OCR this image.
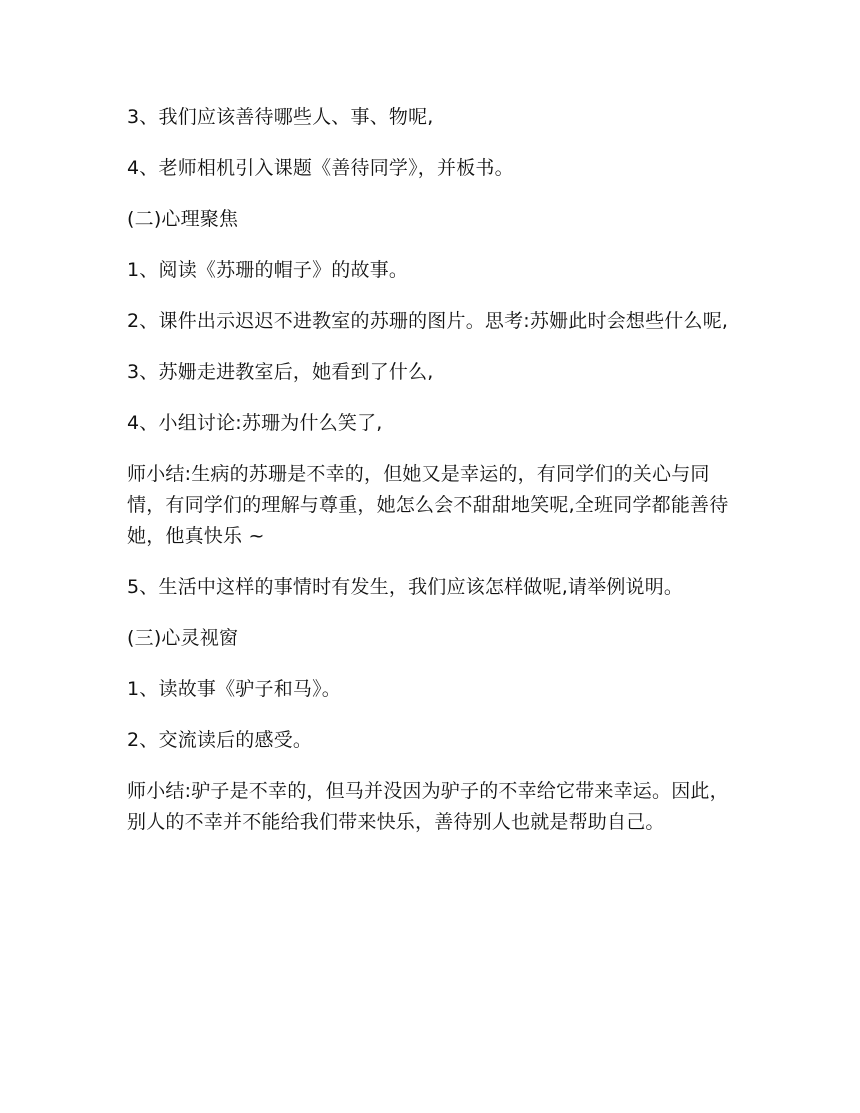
3、我们应该善待哪些人、事、物呢,

4、老师相机引入课题《善待同学》，并板书。

(二)心理聚焦

1、阅读《苏珊的帽子》的故事。

2、课件出示迟迟不进教室的苏珊的图片。思考:苏姗此时会想些什么呢,

3、苏姗走进教室后，她看到了什么,

4、小组讨论:苏珊为什么笑了,

师小结:生病的苏珊是不幸的，但她又是幸运的，有同学们的关心与同情，有同学们的理解与尊重，她怎么会不甜甜地笑呢,全班同学都能善待她，他真快乐 ~

5、生活中这样的事情时有发生，我们应该怎样做呢,请举例说明。

(三)心灵视窗

1、读故事《驴子和马》。

2、交流读后的感受。

师小结:驴子是不幸的，但马并没因为驴子的不幸给它带来幸运。因此，别人的不幸并不能给我们带来快乐，善待别人也就是帮助自己。
